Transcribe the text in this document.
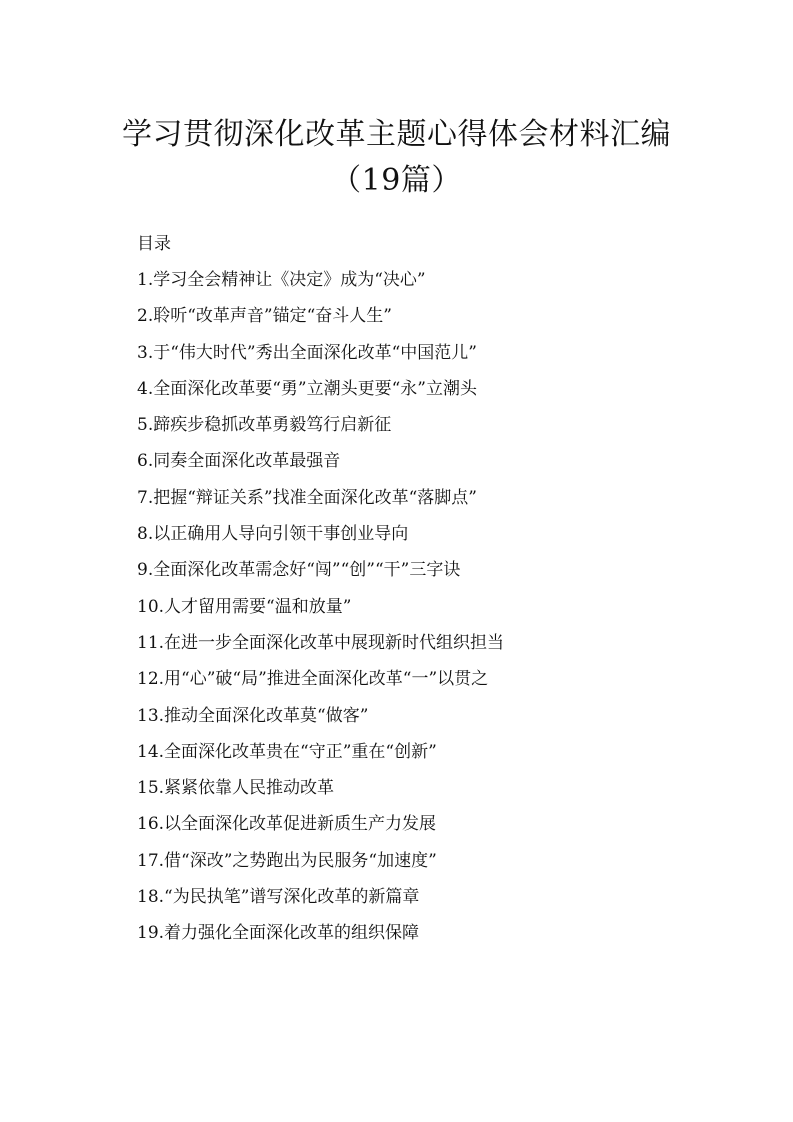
学习贯彻深化改革主题心得体会材料汇编（19篇）
目录
1.学习全会精神让《决定》成为“决心”
2.聆听“改革声音”锚定“奋斗人生”
3.于“伟大时代”秀出全面深化改革“中国范儿”
4.全面深化改革要“勇”立潮头更要“永”立潮头
5.蹄疾步稳抓改革勇毅笃行启新征
6.同奏全面深化改革最强音
7.把握“辩证关系”找准全面深化改革“落脚点”
8.以正确用人导向引领干事创业导向
9.全面深化改革需念好“闯”“创”“干”三字诀
10.人才留用需要“温和放量”
11.在进一步全面深化改革中展现新时代组织担当
12.用“心”破“局”推进全面深化改革“一”以贯之
13.推动全面深化改革莫“做客”
14.全面深化改革贵在“守正”重在“创新”
15.紧紧依靠人民推动改革
16.以全面深化改革促进新质生产力发展
17.借“深改”之势跑出为民服务“加速度”
18.“为民执笔”谱写深化改革的新篇章
19.着力强化全面深化改革的组织保障
